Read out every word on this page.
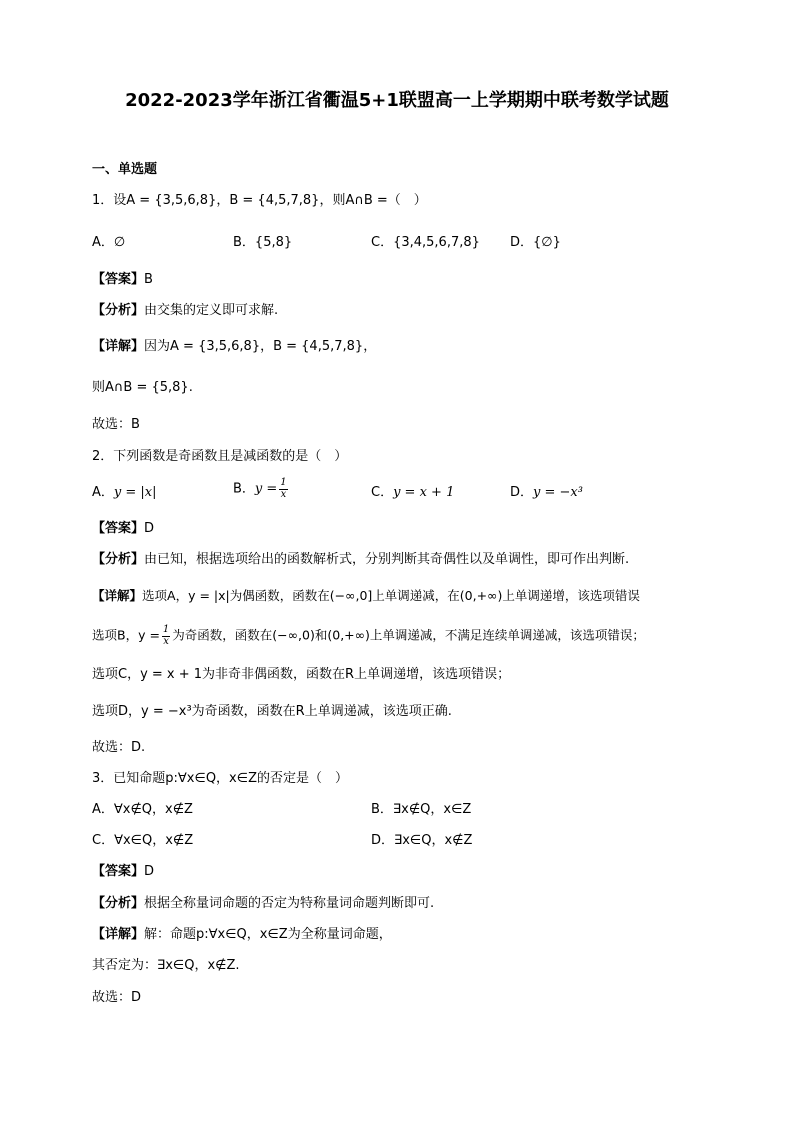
2022-2023学年浙江省衢温5+1联盟高一上学期期中联考数学试题
一、单选题
1．设A = {3,5,6,8}，B = {4,5,7,8}，则A∩B =（　）
A．∅	B．{5,8}	C．{3,4,5,6,7,8} D．{∅}
【答案】B
【分析】由交集的定义即可求解.
【详解】因为A = {3,5,6,8}，B = {4,5,7,8}，
则A∩B = {5,8}.
故选：B
2．下列函数是奇函数且是减函数的是（　）
A．y = |x|	B．$y = \frac{1}{x}$	C．y = x + 1	D．y = −x³
【答案】D
【分析】由已知，根据选项给出的函数解析式，分别判断其奇偶性以及单调性，即可作出判断.
【详解】选项A，y = |x|为偶函数，函数在(−∞,0]上单调递减，在(0,+∞)上单调递增，该选项错误
选项B，$y = \frac{1}{x}$ 为奇函数，函数在(−∞,0)和(0,+∞)上单调递减，不满足连续单调递减，该选项错误；
选项C，y = x + 1为非奇非偶函数，函数在R上单调递增，该选项错误；
选项D，y = −x³为奇函数，函数在R上单调递减，该选项正确.
故选：D.
3．已知命题p:∀x∈Q，x∈Z的否定是（　）
A．∀x∉Q，x∉Z	B．∃x∉Q，x∈Z
C．∀x∈Q，x∉Z	D．∃x∈Q，x∉Z
【答案】D
【分析】根据全称量词命题的否定为特称量词命题判断即可.
【详解】解：命题p:∀x∈Q，x∈Z为全称量词命题，
其否定为：∃x∈Q，x∉Z.
故选：D
